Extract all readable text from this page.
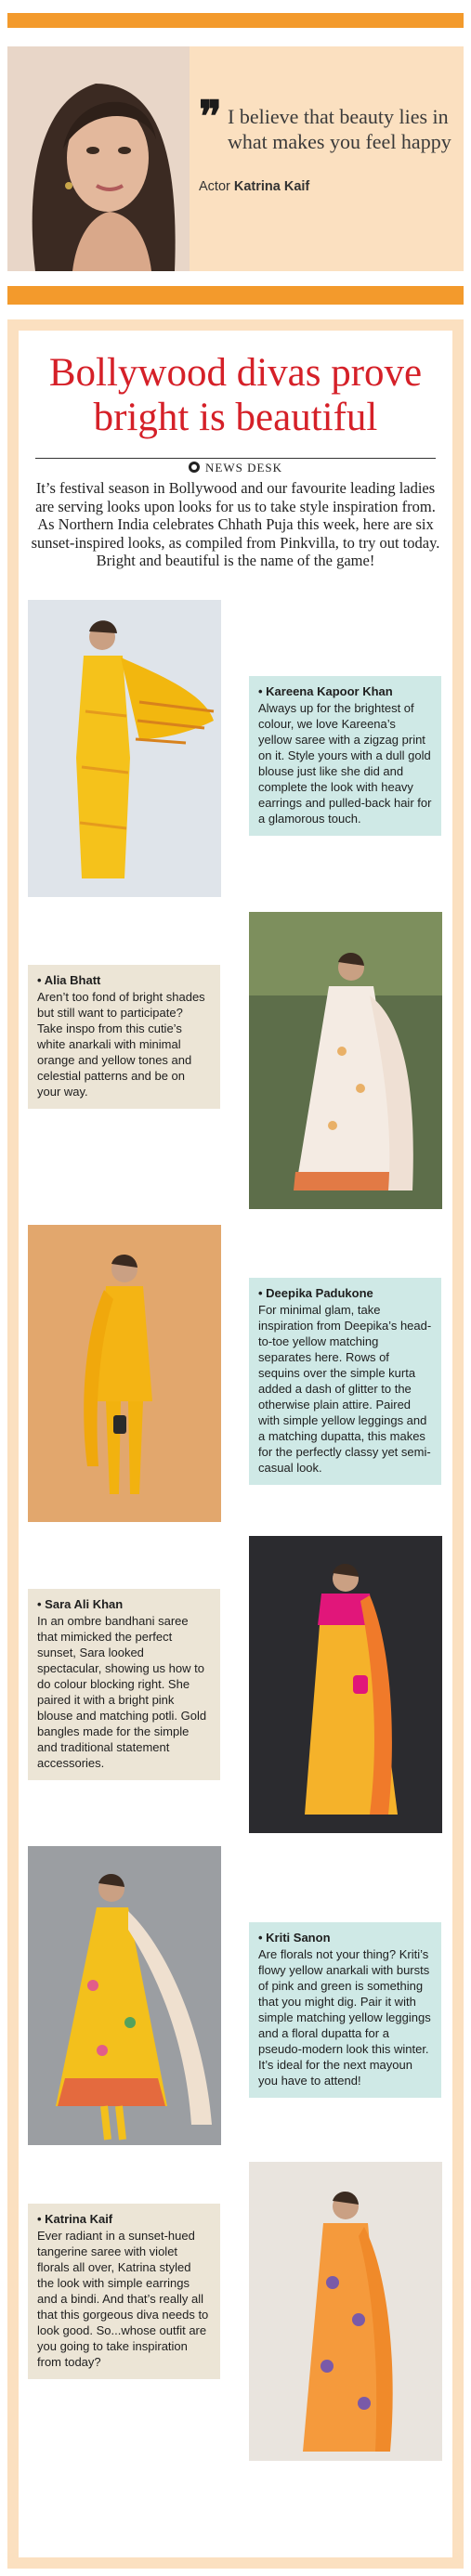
❞ I believe that beauty lies in what makes you feel happy
Actor Katrina Kaif
Bollywood divas prove bright is beautiful
NEWS DESK
It’s festival season in Bollywood and our favourite leading ladies are serving looks upon looks for us to take style inspiration from. As Northern India celebrates Chhath Puja this week, here are six sunset-inspired looks, as compiled from Pinkvilla, to try out today. Bright and beautiful is the name of the game!
• Kareena Kapoor Khan
Always up for the brightest of colour, we love Kareena’s yellow saree with a zigzag print on it. Style yours with a dull gold blouse just like she did and complete the look with heavy earrings and pulled-back hair for a glamorous touch.
• Alia Bhatt
Aren’t too fond of bright shades but still want to participate? Take inspo from this cutie’s white anarkali with minimal orange and yellow tones and celestial patterns and be on your way.
• Deepika Padukone
For minimal glam, take inspiration from Deepika’s head-to-toe yellow matching separates here. Rows of sequins over the simple kurta added a dash of glitter to the otherwise plain attire. Paired with simple yellow leggings and a matching dupatta, this makes for the perfectly classy yet semi-casual look.
• Sara Ali Khan
In an ombre bandhani saree that mimicked the perfect sunset, Sara looked spectacular, showing us how to do colour blocking right. She paired it with a bright pink blouse and matching potli. Gold bangles made for the simple and traditional statement accessories.
• Kriti Sanon
Are florals not your thing? Kriti’s flowy yellow anarkali with bursts of pink and green is something that you might dig. Pair it with simple matching yellow leggings and a floral dupatta for a pseudo-modern look this winter. It’s ideal for the next mayoun you have to attend!
• Katrina Kaif
Ever radiant in a sunset-hued tangerine saree with violet florals all over, Katrina styled the look with simple earrings and a bindi. And that’s really all that this gorgeous diva needs to look good. So...whose outfit are you going to take inspiration from today?
